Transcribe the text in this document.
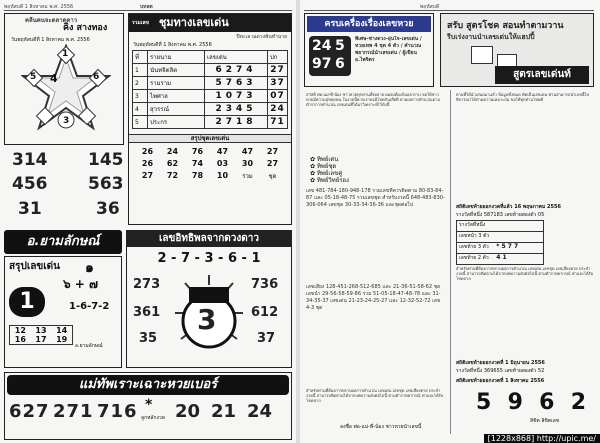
พฤหัสบดี 1 สิงหาคม พ.ศ. 2556	บทลด
คลีนคนจะตลาดดาว
คิง สางทอง
วันพฤหัสบดีที่ 1 สิงหาคม พ.ศ. 2556
1
5 4	6
3
314 145
456 563
31	36
รวมเลข ชุมทางเลขเด่น
ปีทะเล ณดวงพ้นทำนาย
วันพฤหัสบดีที่ 1 สิงหาคม พ.ศ. 2556
ที่	รายนาม	เลขเด่น	ปก
1	นันทจิตลิต	6274	27
2	รามราม	5763	37
3	ไพศาล	1073	07
4	สุวรรณ์	2345	24
5	ประกร	2718	71
สรุปชุดเลขเด่น
26	24	76	47	47	27
26	62	74	03	30	27
27	72	78	10	ร่วม	ชุด
อ.ยามลักษณ์
สรุปเลขเด่น ๑
๖ + ๗
1	1-6-7-2
12	13	14
16	17	19
อ.ยามลักษณ์
เลขอิทธิพลจากดวงดาว
2 - 7 - 3 - 6 - 1
273
361
35
736
612
37
3
แม่ทัพเราะเฉาะหวยเบอร์
627 271 716 *
ลูกหลักงวด 20 21 24
พฤหัสบดี
ครบเครื่องเรื่องเลขหวย
24 5
97 6
พิเศษ-ช่างดวง-อุ่นใจ-เลขเด่น / ทวยเทพ 4 ชุด 4 ตัว / คำนวณพยากรณ์นำเลขเด่น / ผู้เขียน อ.ไพจิตร
สรับ สูตรโชค สอนทำตามวาน
รีบเร่งงานนำเลขเด่นให้แฮปปี้
สูตรเลขเด่นท์
สวัสดี พ่อ-แม่-พี่-น้อง ชาวหวยทุกท่านทั้งหลาย ผมคงต้องก้มลงกราบ ขอให้ชาวหวยมีความสุขทุกคน ในงวดนี้พวกเราคงมีโชคกันเสียที ตามผลการคำนวณตามตำราการคำนวณ เลขเด่นที่ได้มาวิเคราะห์ไว้ดังนี้
✿ ทิพย์เด่น
✿ ทิพย์ชุด
✿ ทิพย์เลขคู่
✿ ทิพย์วิทย์รอง
เลข 481-784-180-948-178 รวมเลขที่ควรติดตาม 80-83-84-87 และ 05-18-48-75 รวมเลขชุด สำหรับงวดนี้ 648-483-830-306-064 เลขชุด 30-33-34-36-36 และชุดต่อไป
เลขเสี่ยง 128-451-268-512-685 และ 21-36-51-58-62 ชุดเลขนำ 29-56-58-59-86 ร่วม 51-05-18-47-48-78 และ 31-34-35-37 เลขเด่น 21-23-24-25-27 และ 12-32-52-72 เลข 4-3 ชุด
สำหรับท่านที่ต้องการทราบผลการคำนวณ เลขเด่น เลขชุด เลขเสี่ยงทาย ประจำงวดนี้ สามารถติดตามได้จากบทความดังต่อไปนี้ ตามตำราพยากรณ์ ท่านจะได้รับโชคลาภ
ลงชื่อ พ่อ-แม่-พี่-น้อง ชาวหวยนำเลขนี้
ตามที่ได้นำเสนอมาแล้ว ข้อมูลทั้งหมด คิดเป็นเลขเด่น ท่านสามารถนำเลขนี้ไปพิจารณาได้ตามความเหมาะสม ขอให้ทุกท่านโชคดี
สถิติเลขท้ายออกงวดที่แล้ว 16 พฤษภาคม 2556
รางวัลที่หนึ่ง 587183 เลขท้ายสองตัว 05
รางวัลที่หนึ่ง
เลขหน้า 3 ตัว
เลขท้าย 3 ตัว * 5 7 7
เลขท้าย 2 ตัว 4 1
สำหรับท่านที่ต้องการทราบผลการคำนวณ เลขเด่น เลขชุด เลขเสี่ยงทาย ประจำงวดนี้ สามารถติดตามได้จากบทความดังต่อไปนี้ ตามตำราพยากรณ์ ท่านจะได้รับโชคลาภ
สถิติเลขท้ายออกงวดที่ 1 มิถุนายน 2556
รางวัลที่หนึ่ง 369655 เลขท้ายสองตัว 52
สถิติเลขท้ายออกงวดที่ 1 สิงหาคม 2556
5 9 6 2
ลิขิต ลิขิตเลข
[1228x868] http://upic.me/
